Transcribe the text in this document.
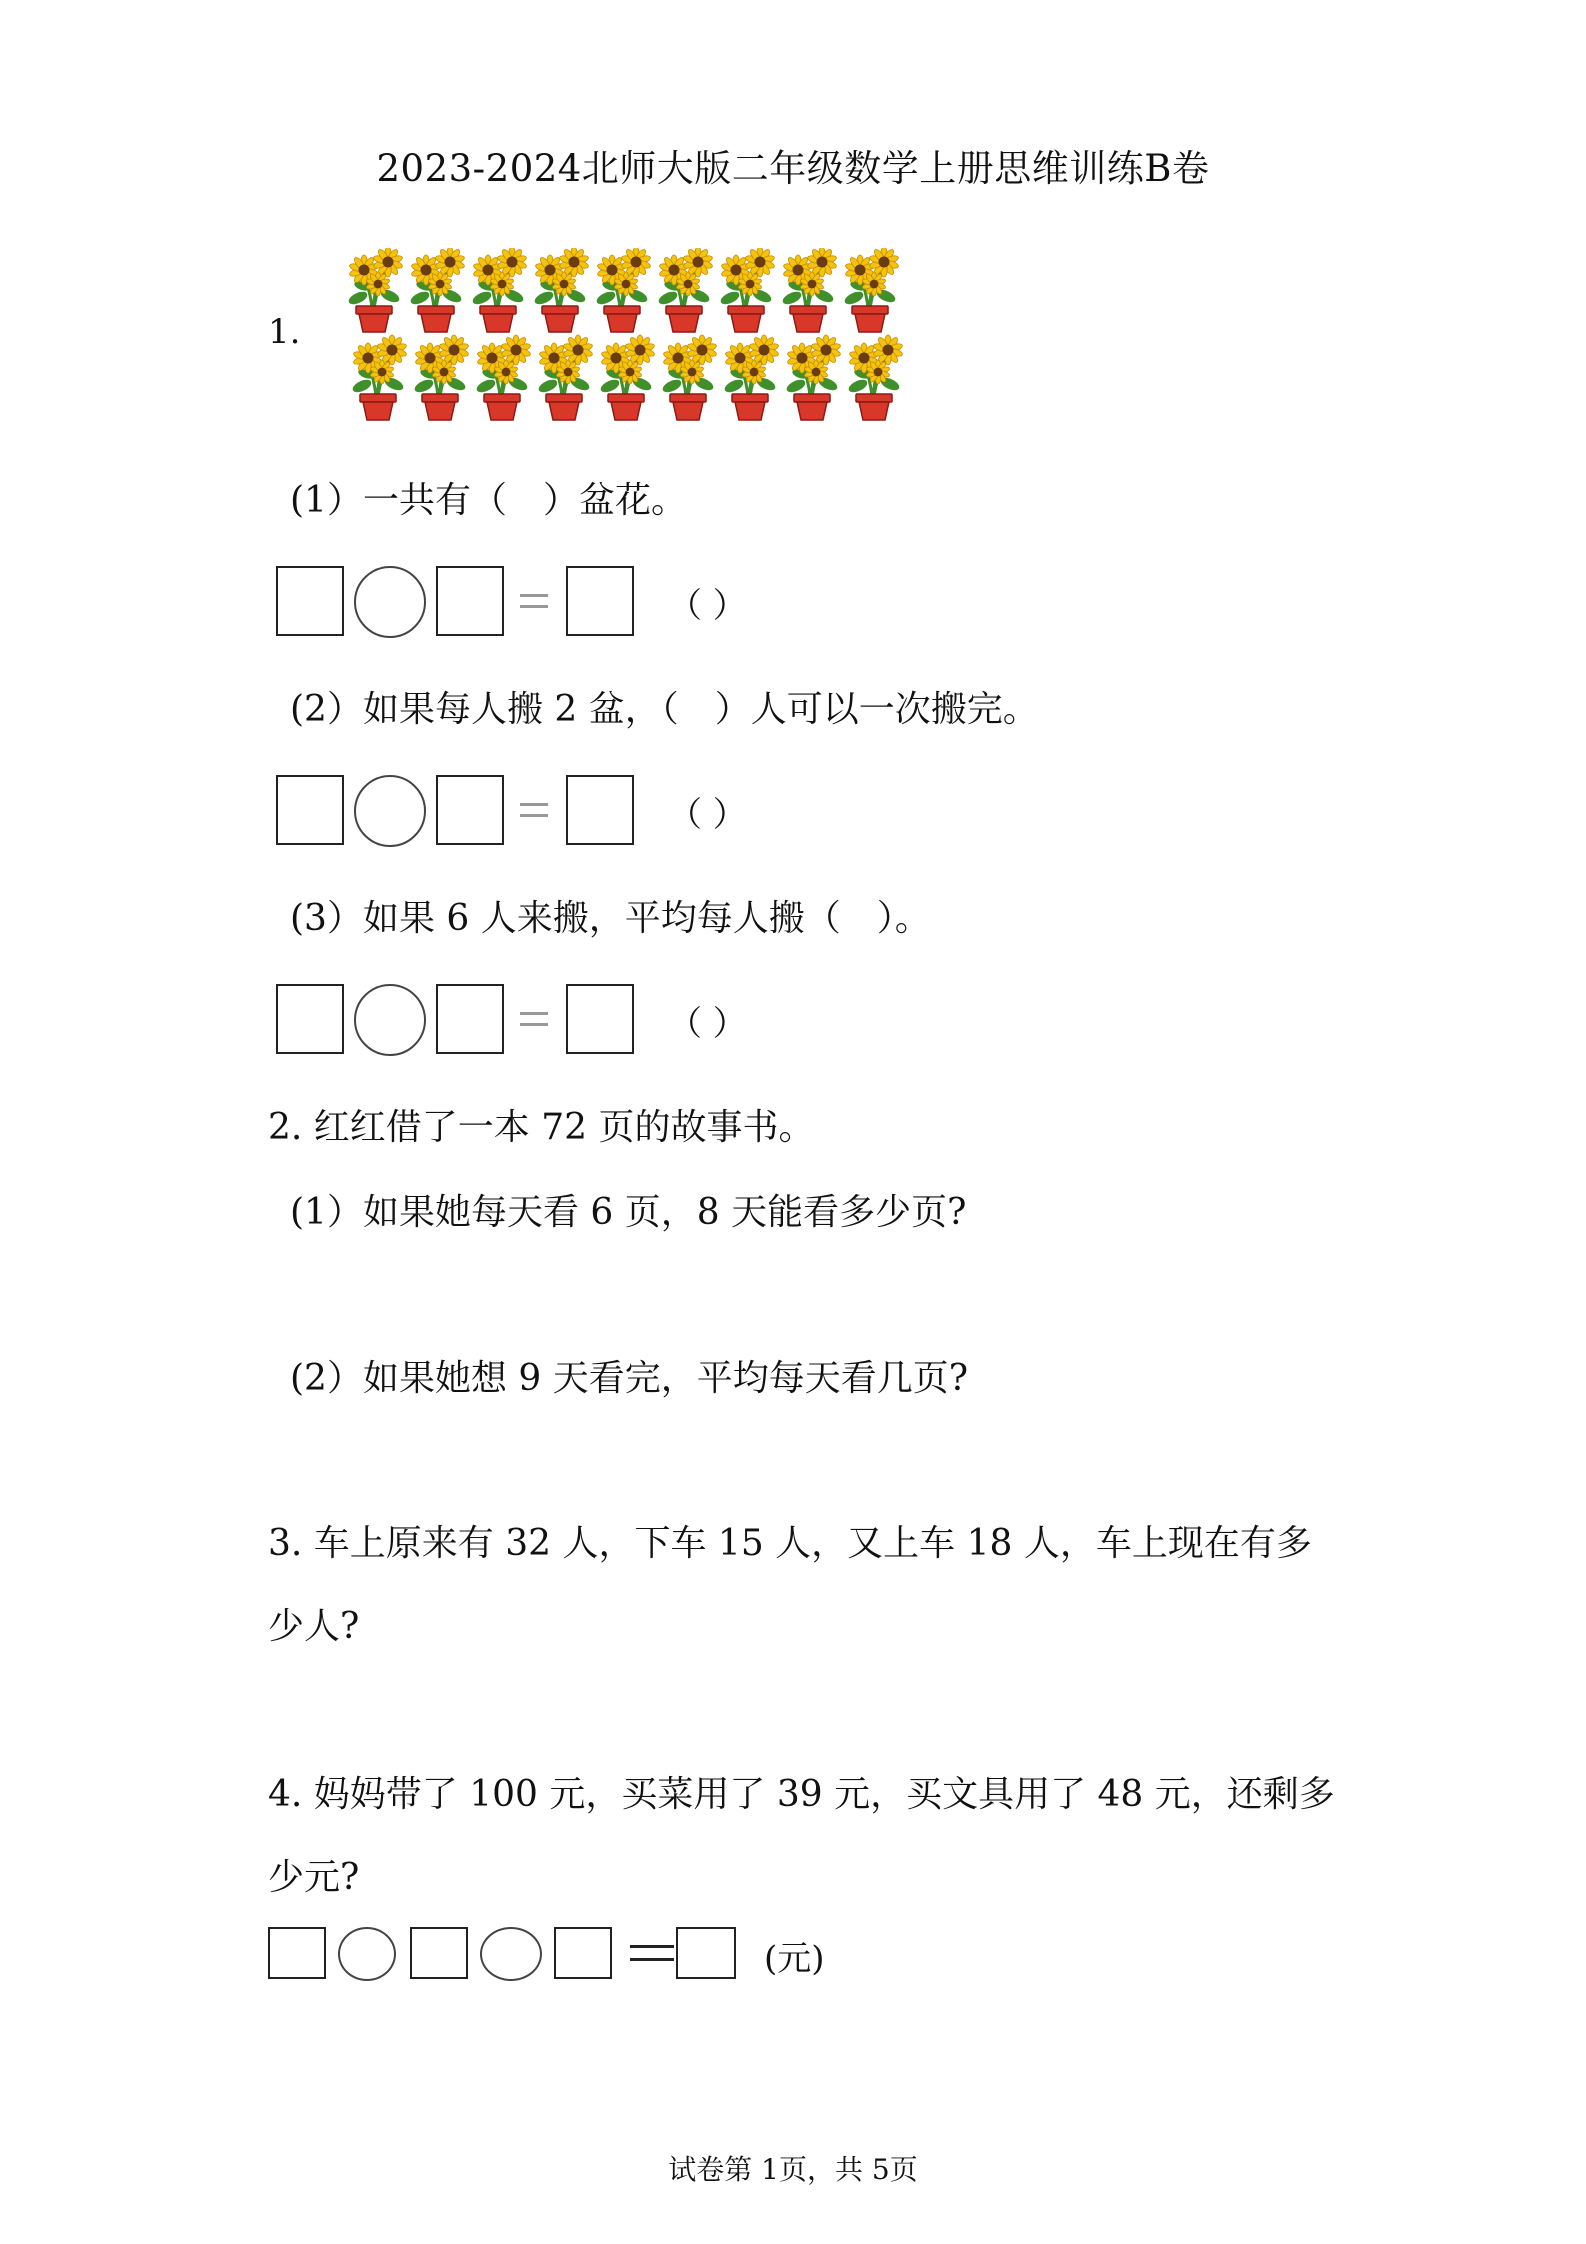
2023-2024北师大版二年级数学上册思维训练B卷
1.
(1）一共有（　）盆花。
（ ）
(2）如果每人搬 2 盆，（　）人可以一次搬完。
（ ）
(3）如果 6 人来搬，平均每人搬（　）。
（ ）
2. 红红借了一本 72 页的故事书。
(1）如果她每天看 6 页，8 天能看多少页?
(2）如果她想 9 天看完，平均每天看几页?
3. 车上原来有 32 人，下车 15 人，又上车 18 人，车上现在有多
少人?
4. 妈妈带了 100 元，买菜用了 39 元，买文具用了 48 元，还剩多
少元?
(元)
试卷第 1页，共 5页
